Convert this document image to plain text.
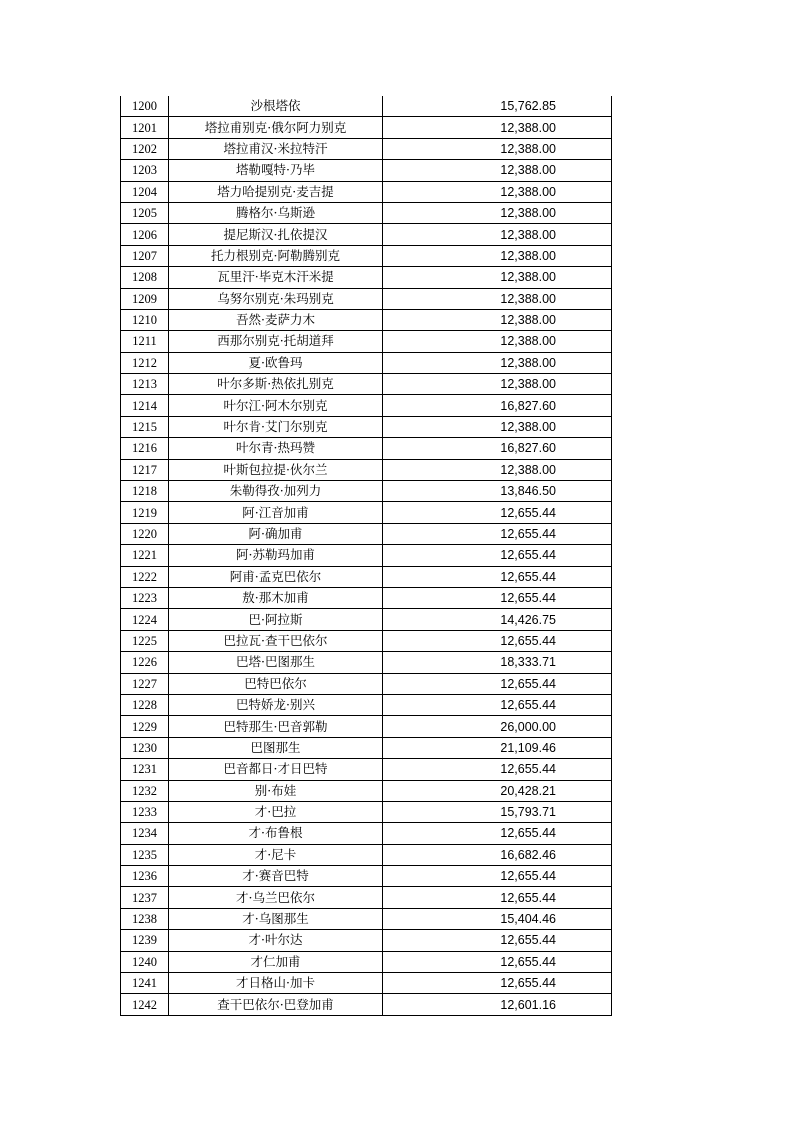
1200	沙根塔依	15,762.85
1201	塔拉甫别克·俄尔阿力别克	12,388.00
1202	塔拉甫汉·米拉特汗	12,388.00
1203	塔勒嘎特·乃毕	12,388.00
1204	塔力哈提别克·麦吉提	12,388.00
1205	腾格尔·乌斯逊	12,388.00
1206	提尼斯汉·扎依提汉	12,388.00
1207	托力根别克·阿勒腾别克	12,388.00
1208	瓦里汗·毕克木汗米提	12,388.00
1209	乌努尔别克·朱玛别克	12,388.00
1210	吾然·麦萨力木	12,388.00
1211	西那尔别克·托胡道拜	12,388.00
1212	夏·欧鲁玛	12,388.00
1213	叶尔多斯·热依扎别克	12,388.00
1214	叶尔江·阿木尔别克	16,827.60
1215	叶尔肯·艾门尔别克	12,388.00
1216	叶尔青·热玛赞	16,827.60
1217	叶斯包拉提·伙尔兰	12,388.00
1218	朱勒得孜·加列力	13,846.50
1219	阿·江音加甫	12,655.44
1220	阿·确加甫	12,655.44
1221	阿·苏勒玛加甫	12,655.44
1222	阿甫·孟克巴依尔	12,655.44
1223	敖·那木加甫	12,655.44
1224	巴·阿拉斯	14,426.75
1225	巴拉瓦·查干巴依尔	12,655.44
1226	巴塔·巴图那生	18,333.71
1227	巴特巴依尔	12,655.44
1228	巴特娇龙·别兴	12,655.44
1229	巴特那生·巴音郭勒	26,000.00
1230	巴图那生	21,109.46
1231	巴音都日·才日巴特	12,655.44
1232	别·布娃	20,428.21
1233	才·巴拉	15,793.71
1234	才·布鲁根	12,655.44
1235	才·尼卡	16,682.46
1236	才·赛音巴特	12,655.44
1237	才·乌兰巴依尔	12,655.44
1238	才·乌图那生	15,404.46
1239	才·叶尔达	12,655.44
1240	才仁加甫	12,655.44
1241	才日格山·加卡	12,655.44
1242	查干巴依尔·巴登加甫	12,601.16
